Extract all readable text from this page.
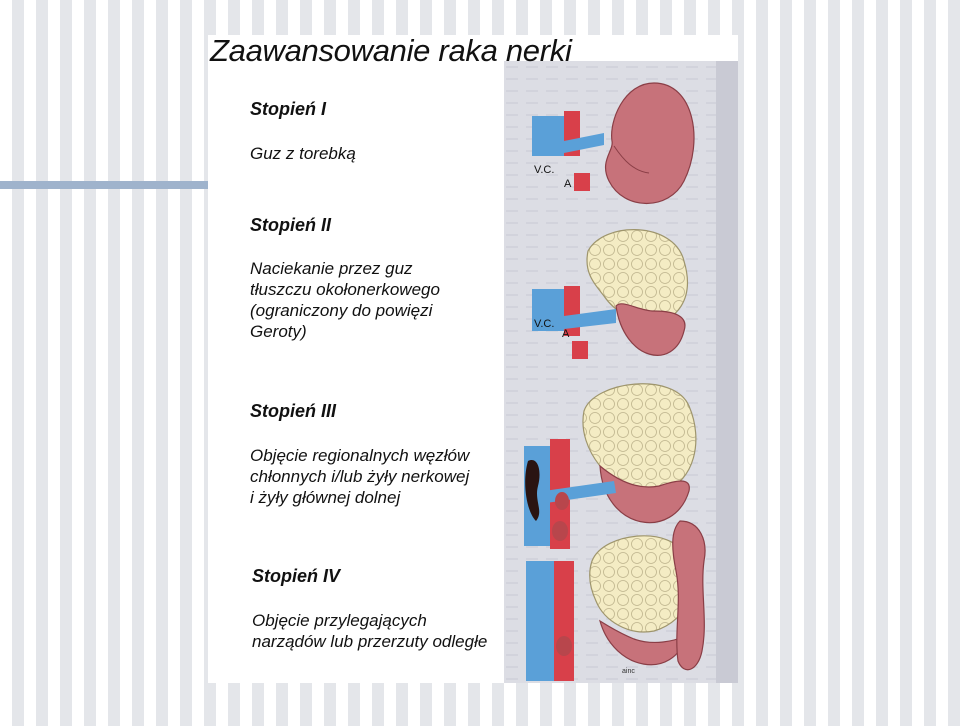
V.C.
A
V.C.
A
ainc
Zaawansowanie raka nerki

Stopień I

Guz z torebką

Stopień II

Naciekanie przez guz
tłuszczu okołonerkowego
(ograniczony do powięzi
Geroty)

Stopień III

Objęcie regionalnych węzłów
chłonnych i/lub żyły nerkowej
i żyły głównej dolnej

Stopień IV

Objęcie przylegających
narządów lub przerzuty odległe
